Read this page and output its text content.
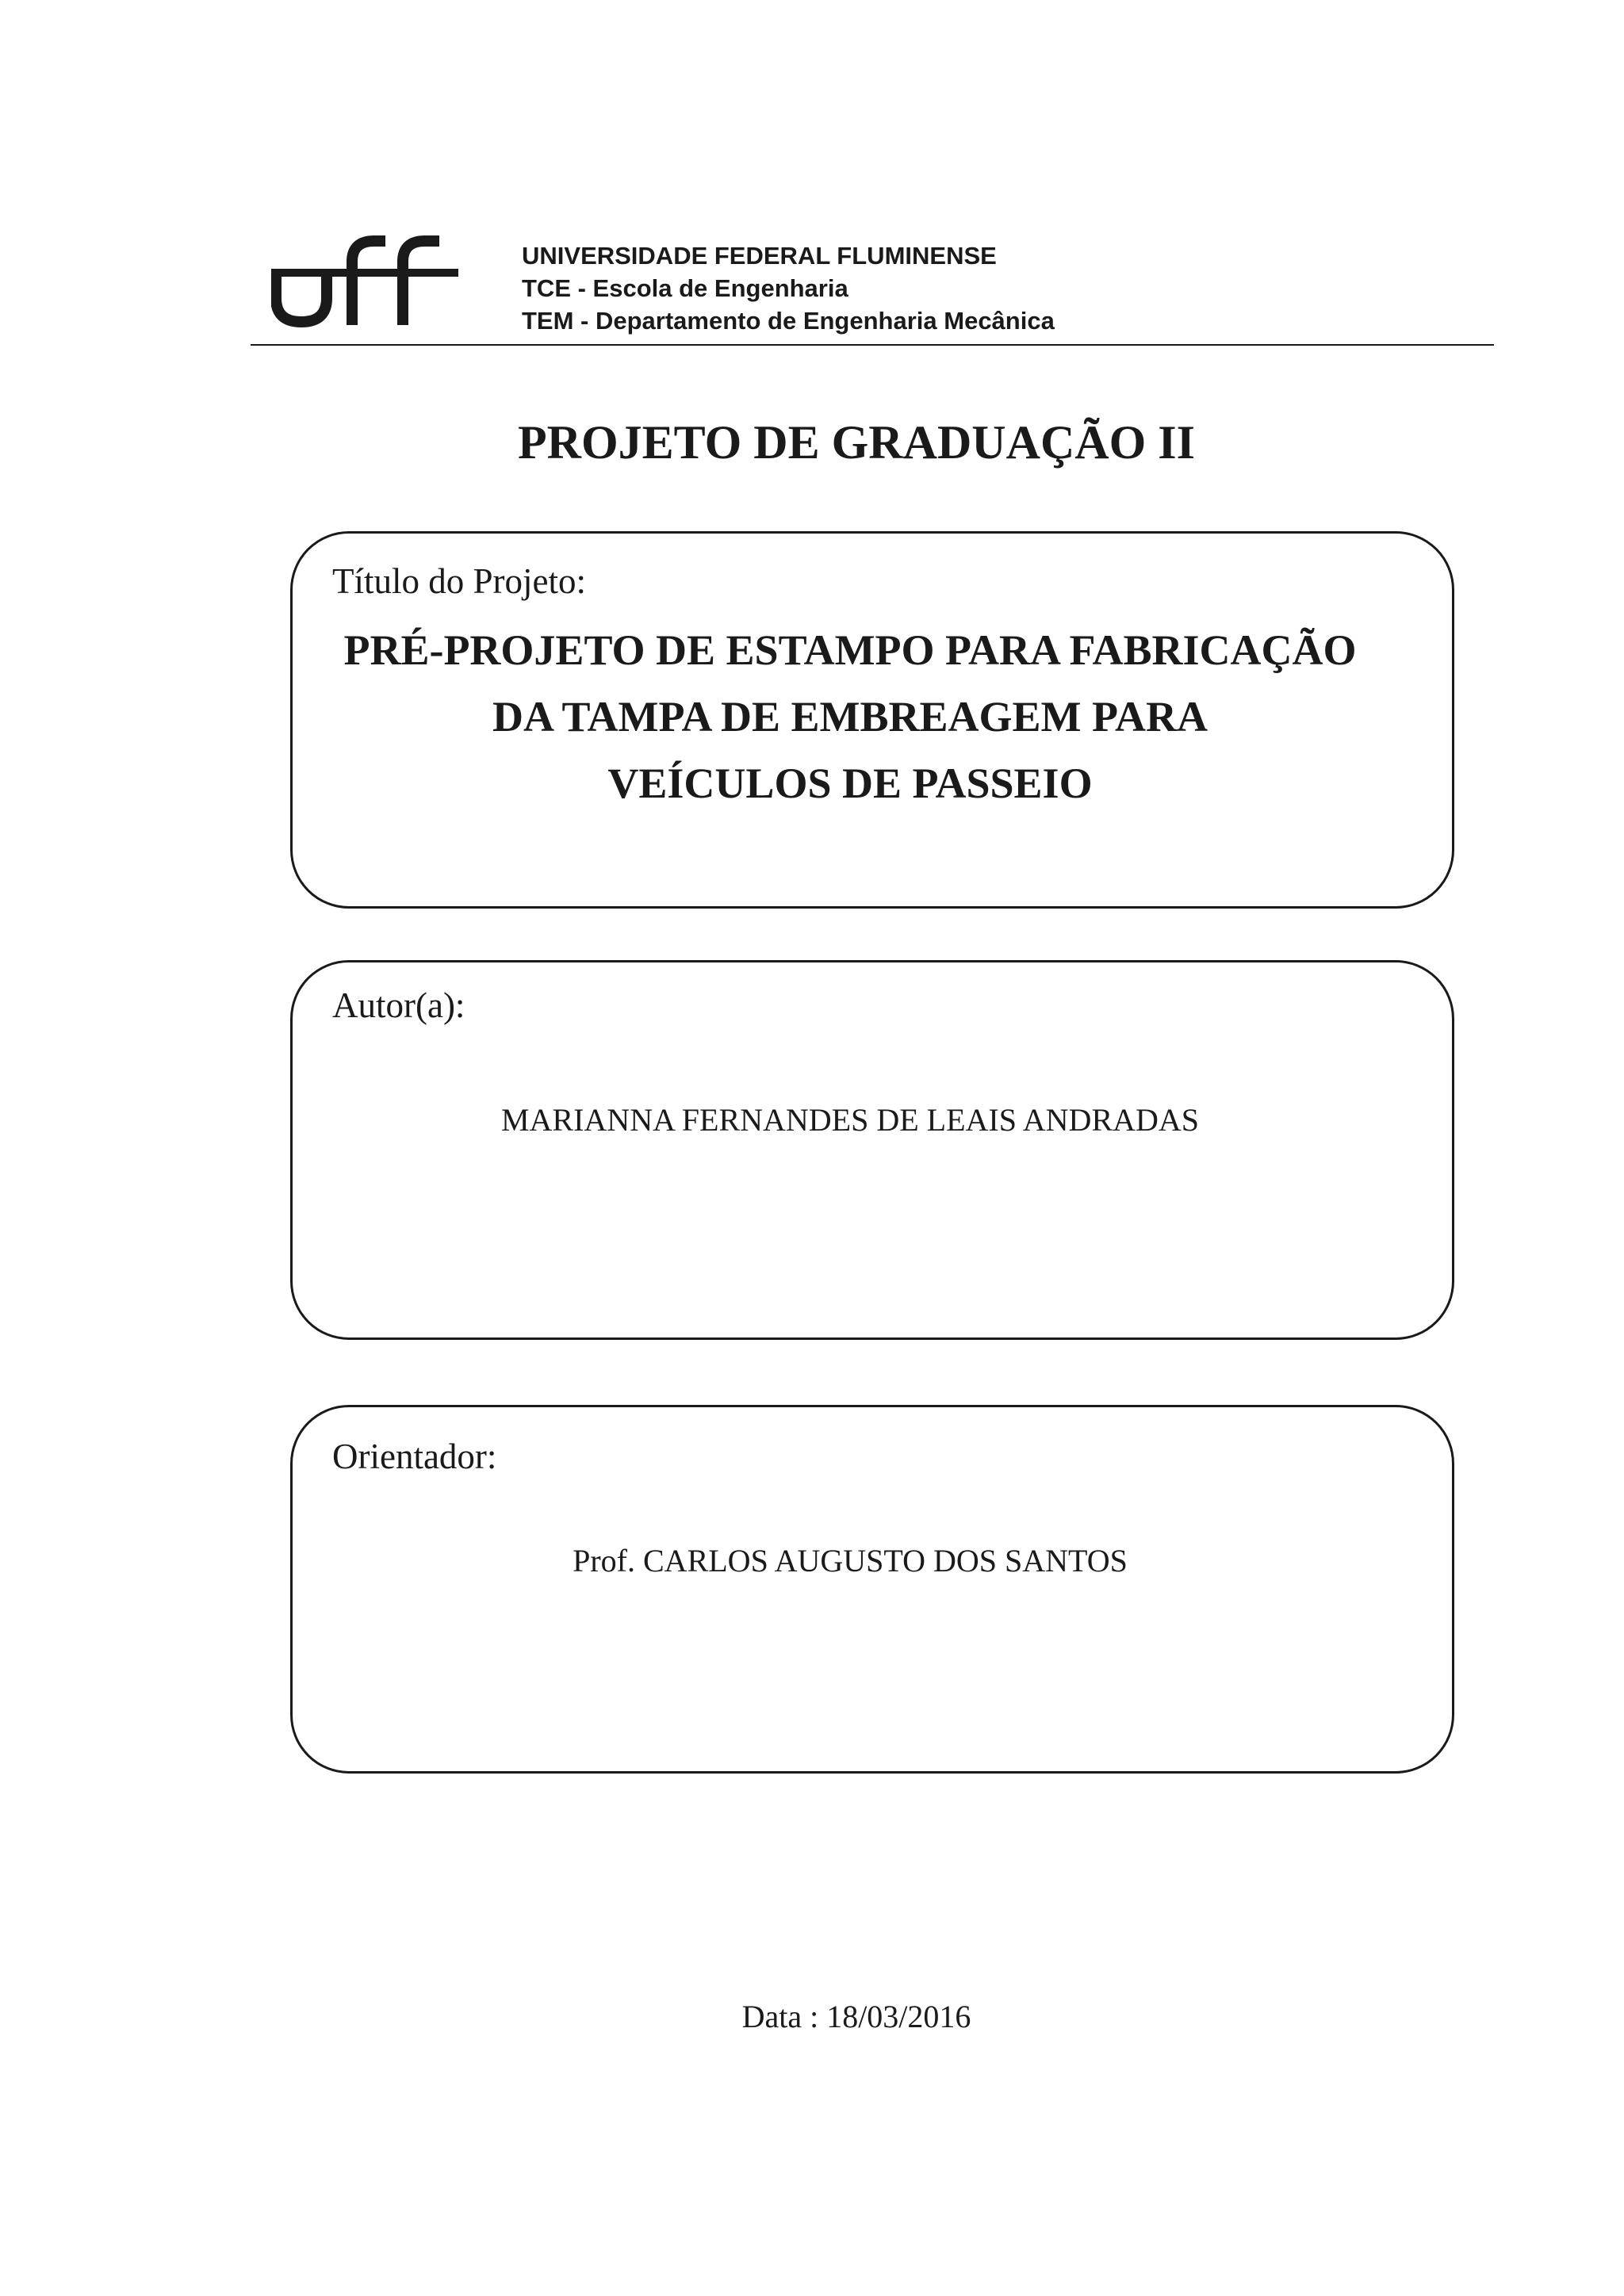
UNIVERSIDADE FEDERAL FLUMINENSE
TCE - Escola de Engenharia
TEM - Departamento de Engenharia Mecânica
PROJETO DE GRADUAÇÃO II
Título do Projeto:
PRÉ-PROJETO DE ESTAMPO PARA FABRICAÇÃO
DA TAMPA DE EMBREAGEM PARA
VEÍCULOS DE PASSEIO
Autor(a):
MARIANNA FERNANDES DE LEAIS ANDRADAS
Orientador:
Prof. CARLOS AUGUSTO DOS SANTOS
Data : 18/03/2016
